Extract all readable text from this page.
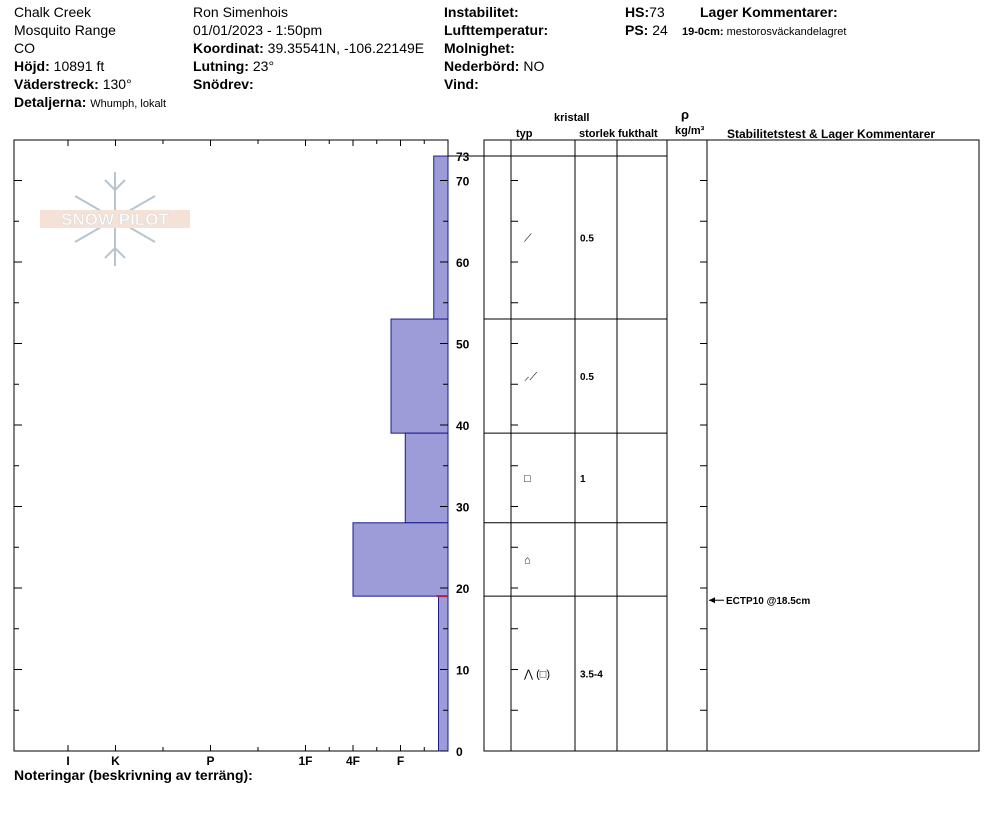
Chalk Creek
Mosquito Range
CO
Höjd: 10891 ft
Väderstreck: 130°
Detaljerna: Whumph, lokalt
Ron Simenhois
01/01/2023 - 1:50pm
Koordinat: 39.35541N, -106.22149E
Lutning: 23°
Snödrev:
Instabilitet:
Lufttemperatur:
Molnighet:
Nederbörd: NO
Vind:
HS:73
PS: 24
Lager Kommentarer:
19-0cm: mestorosväckandelagret
kristall
typ	storlek fukthalt
ρ
kg/m³ Stabilitetstest & Lager Kommentarer
Noteringar (beskrivning av terräng):
SNOW PILOT
0
10
20
30
40
50
60
70
73
I	K	P	1F	4F	F
⟋	0.5
⸝⟋	0.5
□	1
⌂
⋀ (□)	3.5-4
ECTP10 @18.5cm
